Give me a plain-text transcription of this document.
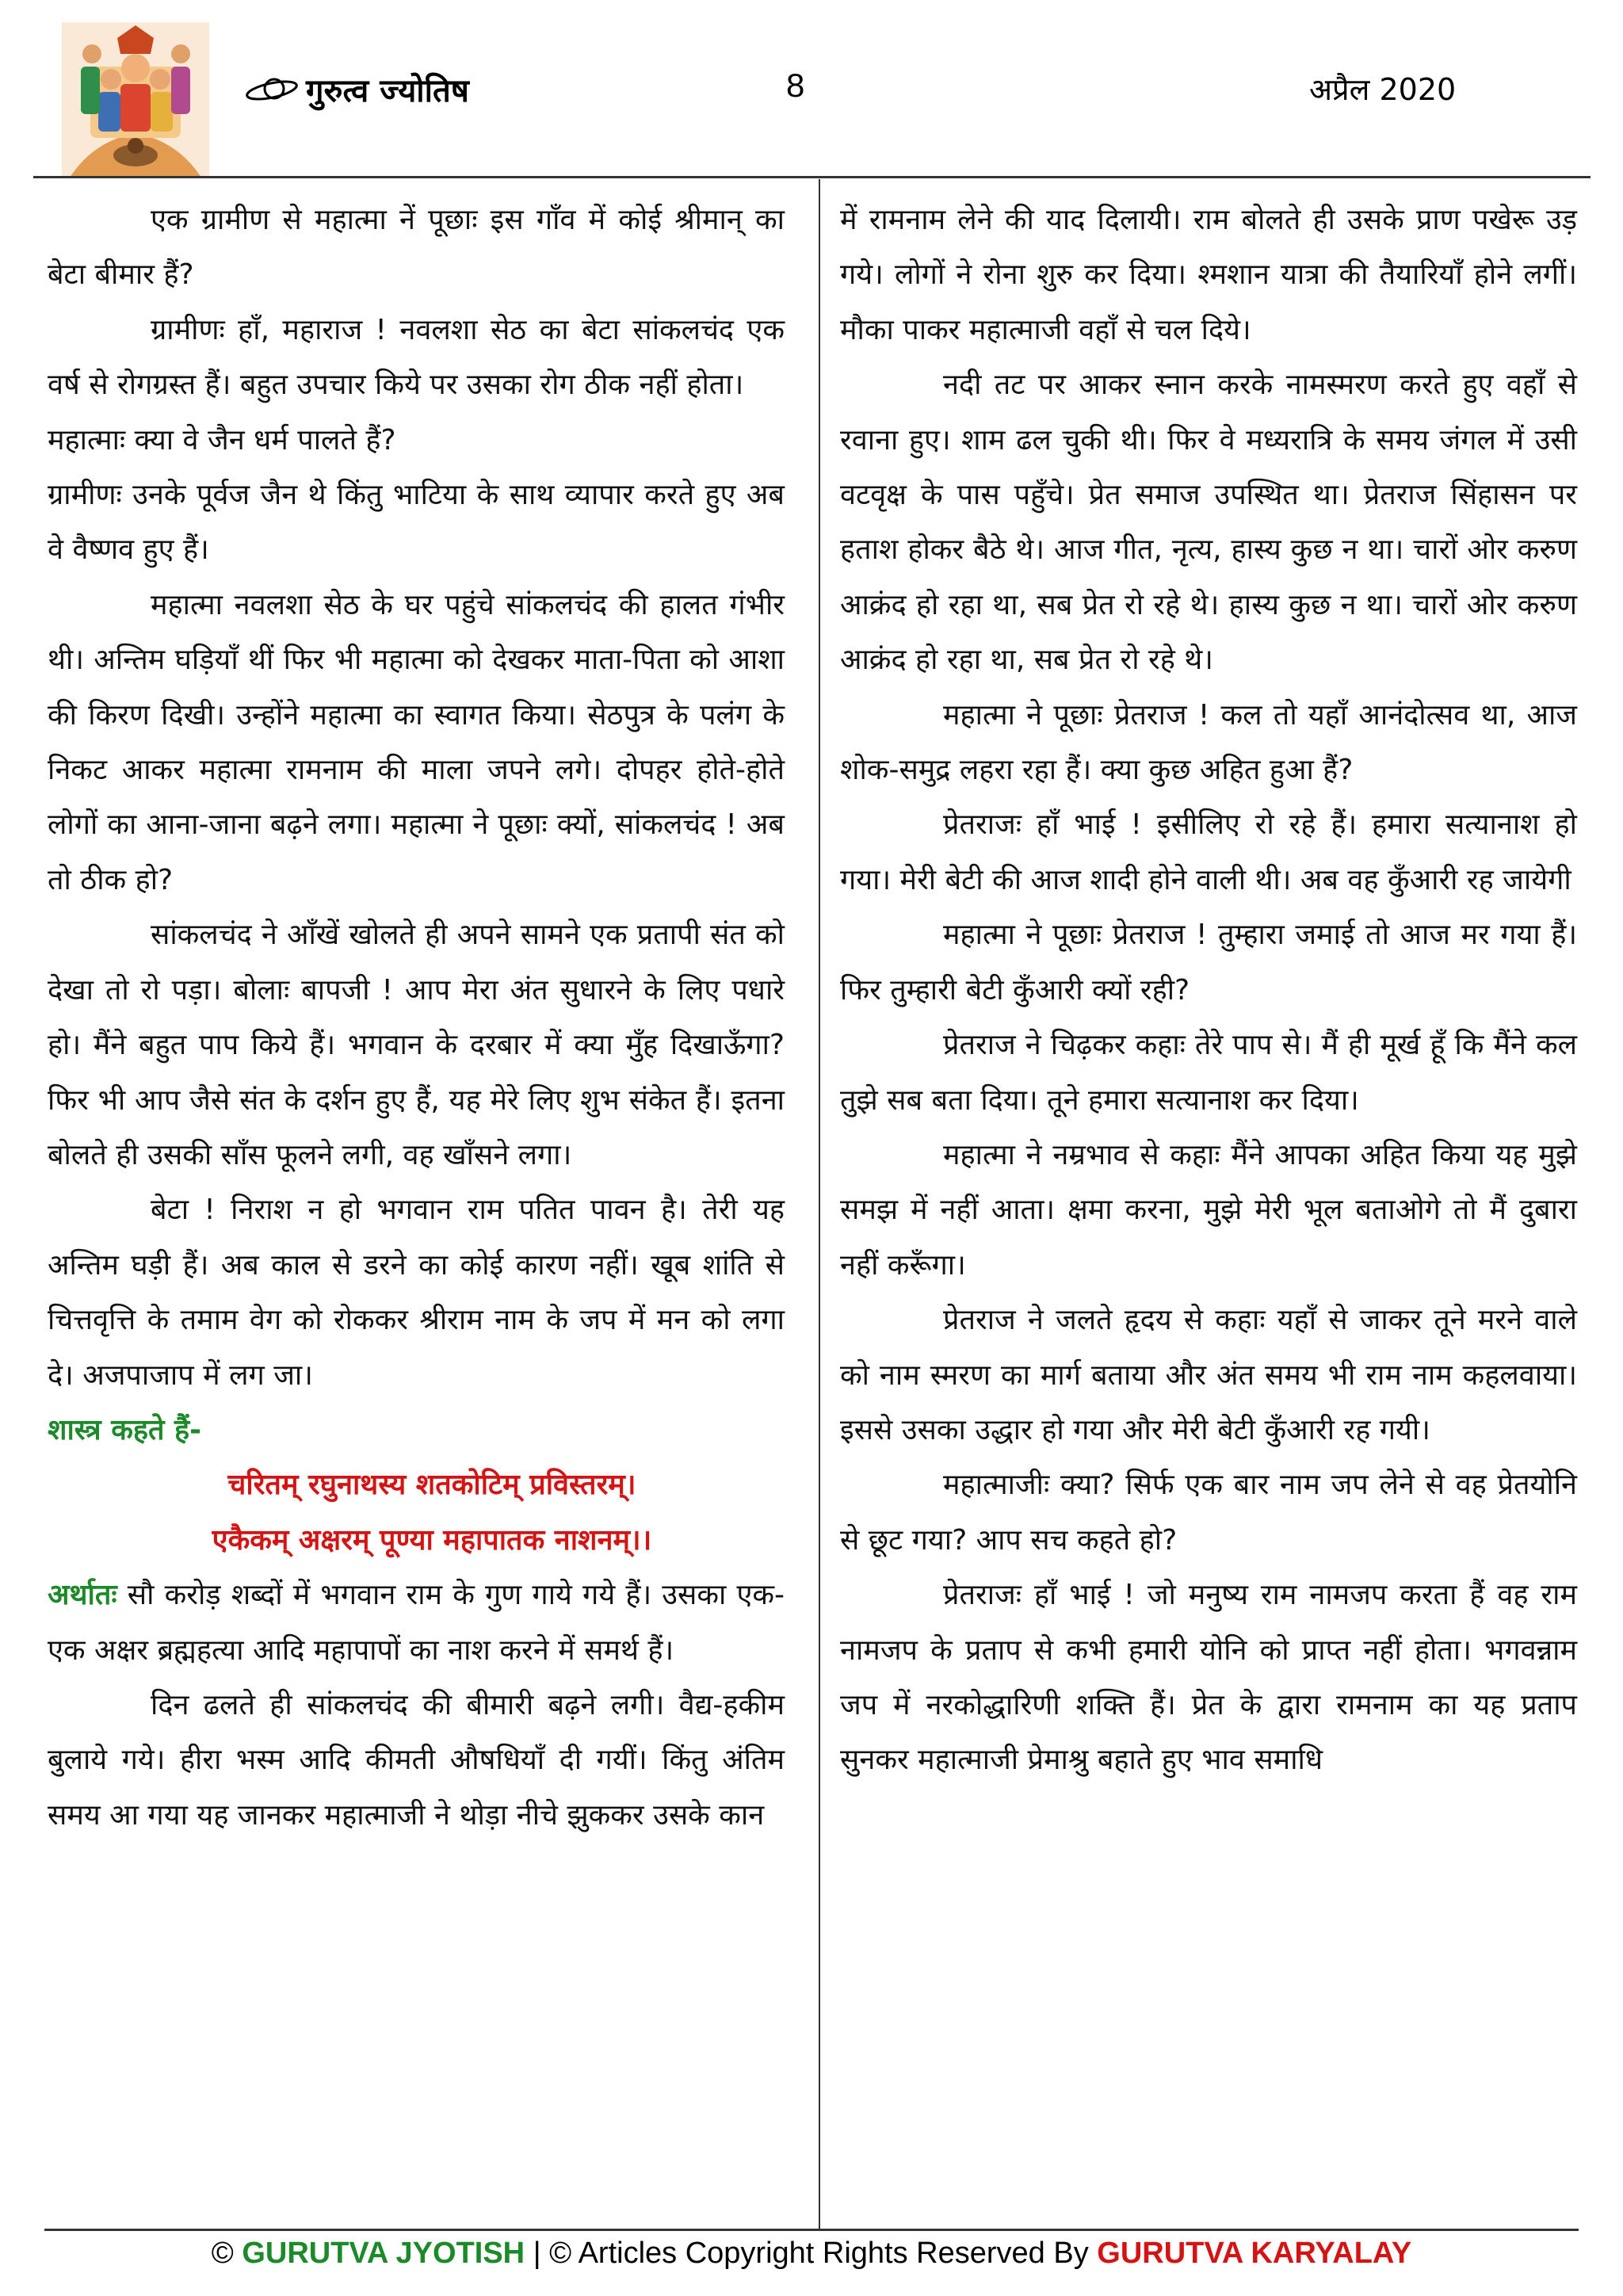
गुरुत्व ज्योतिष	8	अप्रैल 2020

एक ग्रामीण से महात्मा नें पूछाः इस गाँव में कोई श्रीमान् का बेटा बीमार हैं?

ग्रामीणः हाँ, महाराज ! नवलशा सेठ का बेटा सांकलचंद एक वर्ष से रोगग्रस्त हैं। बहुत उपचार किये पर उसका रोग ठीक नहीं होता।

महात्माः क्या वे जैन धर्म पालते हैं?

ग्रामीणः उनके पूर्वज जैन थे किंतु भाटिया के साथ व्यापार करते हुए अब वे वैष्णव हुए हैं।

महात्मा नवलशा सेठ के घर पहुंचे सांकलचंद की हालत गंभीर थी। अन्तिम घड़ियाँ थीं फिर भी महात्मा को देखकर माता-पिता को आशा की किरण दिखी। उन्होंने महात्मा का स्वागत किया। सेठपुत्र के पलंग के निकट आकर महात्मा रामनाम की माला जपने लगे। दोपहर होते-होते लोगों का आना-जाना बढ़ने लगा। महात्मा ने पूछाः क्यों, सांकलचंद ! अब तो ठीक हो?

सांकलचंद ने आँखें खोलते ही अपने सामने एक प्रतापी संत को देखा तो रो पड़ा। बोलाः बापजी ! आप मेरा अंत सुधारने के लिए पधारे हो। मैंने बहुत पाप किये हैं। भगवान के दरबार में क्या मुँह दिखाऊँगा? फिर भी आप जैसे संत के दर्शन हुए हैं, यह मेरे लिए शुभ संकेत हैं। इतना बोलते ही उसकी साँस फूलने लगी, वह खाँसने लगा।

बेटा ! निराश न हो भगवान राम पतित पावन है। तेरी यह अन्तिम घड़ी हैं। अब काल से डरने का कोई कारण नहीं। खूब शांति से चित्तवृत्ति के तमाम वेग को रोककर श्रीराम नाम के जप में मन को लगा दे। अजपाजाप में लग जा।

शास्त्र कहते हैं-

चरितम् रघुनाथस्य शतकोटिम् प्रविस्तरम्।

एकैकम् अक्षरम् पूण्या महापातक नाशनम्।।

अर्थातः सौ करोड़ शब्दों में भगवान राम के गुण गाये गये हैं। उसका एक-एक अक्षर ब्रह्महत्या आदि महापापों का नाश करने में समर्थ हैं।

दिन ढलते ही सांकलचंद की बीमारी बढ़ने लगी। वैद्य-हकीम बुलाये गये। हीरा भस्म आदि कीमती औषधियाँ दी गयीं। किंतु अंतिम समय आ गया यह जानकर महात्माजी ने थोड़ा नीचे झुककर उसके कान

में रामनाम लेने की याद दिलायी। राम बोलते ही उसके प्राण पखेरू उड़ गये। लोगों ने रोना शुरु कर दिया। श्मशान यात्रा की तैयारियाँ होने लगीं। मौका पाकर महात्माजी वहाँ से चल दिये।

नदी तट पर आकर स्नान करके नामस्मरण करते हुए वहाँ से रवाना हुए। शाम ढल चुकी थी। फिर वे मध्यरात्रि के समय जंगल में उसी वटवृक्ष के पास पहुँचे। प्रेत समाज उपस्थित था। प्रेतराज सिंहासन पर हताश होकर बैठे थे। आज गीत, नृत्य, हास्य कुछ न था। चारों ओर करुण आक्रंद हो रहा था, सब प्रेत रो रहे थे। हास्य कुछ न था। चारों ओर करुण आक्रंद हो रहा था, सब प्रेत रो रहे थे।

महात्मा ने पूछाः प्रेतराज ! कल तो यहाँ आनंदोत्सव था, आज शोक-समुद्र लहरा रहा हैं। क्या कुछ अहित हुआ हैं?

प्रेतराजः हाँ भाई ! इसीलिए रो रहे हैं। हमारा सत्यानाश हो गया। मेरी बेटी की आज शादी होने वाली थी। अब वह कुँआरी रह जायेगी

महात्मा ने पूछाः प्रेतराज ! तुम्हारा जमाई तो आज मर गया हैं। फिर तुम्हारी बेटी कुँआरी क्यों रही?

प्रेतराज ने चिढ़कर कहाः तेरे पाप से। मैं ही मूर्ख हूँ कि मैंने कल तुझे सब बता दिया। तूने हमारा सत्यानाश कर दिया।

महात्मा ने नम्रभाव से कहाः मैंने आपका अहित किया यह मुझे समझ में नहीं आता। क्षमा करना, मुझे मेरी भूल बताओगे तो मैं दुबारा नहीं करूँगा।

प्रेतराज ने जलते हृदय से कहाः यहाँ से जाकर तूने मरने वाले को नाम स्मरण का मार्ग बताया और अंत समय भी राम नाम कहलवाया। इससे उसका उद्धार हो गया और मेरी बेटी कुँआरी रह गयी।

महात्माजीः क्या? सिर्फ एक बार नाम जप लेने से वह प्रेतयोनि से छूट गया? आप सच कहते हो?

प्रेतराजः हाँ भाई ! जो मनुष्य राम नामजप करता हैं वह राम नामजप के प्रताप से कभी हमारी योनि को प्राप्त नहीं होता। भगवन्नाम जप में नरकोद्धारिणी शक्ति हैं। प्रेत के द्वारा रामनाम का यह प्रताप सुनकर महात्माजी प्रेमाश्रु बहाते हुए भाव समाधि

© GURUTVA JYOTISH | © Articles Copyright Rights Reserved By GURUTVA KARYALAY
